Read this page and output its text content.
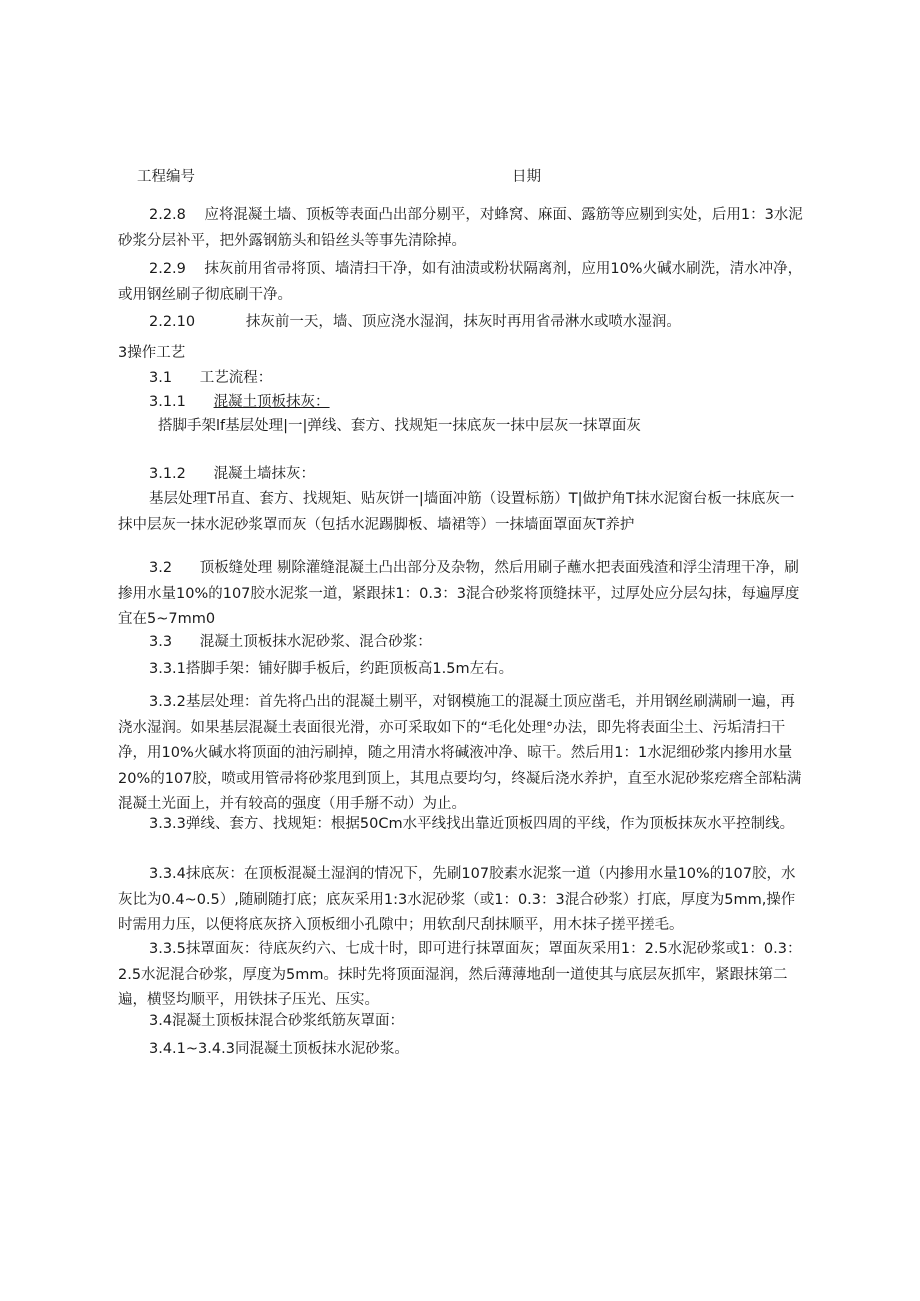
工程编号	日期

2.2.8 应将混凝土墙、顶板等表面凸出部分剔平，对蜂窝、麻面、露筋等应剔到实处，后用1：3水泥砂浆分层补平，把外露钢筋头和铅丝头等事先清除掉。

2.2.9 抹灰前用省帚将顶、墙清扫干净，如有油渍或粉状隔离剂，应用10%火碱水刷洗，清水冲净，或用钢丝刷子彻底刷干净。

2.2.10	抹灰前一天，墙、顶应浇水湿润，抹灰时再用省帚淋水或喷水湿润。

3操作工艺

3.1 工艺流程：

3.1.1 混凝土顶板抹灰：

搭脚手架lf基层处理|一|弹线、套方、找规矩一抹底灰一抹中层灰一抹罩面灰

3.1.2 混凝土墙抹灰：

基层处理T吊直、套方、找规矩、贴灰饼一|墙面冲筋（设置标筋）T|做护角T抹水泥窗台板一抹底灰一抹中层灰一抹水泥砂浆罩而灰（包括水泥踢脚板、墙裙等）一抹墙面罩面灰T养护

3.2 顶板缝处理 剔除灌缝混凝土凸出部分及杂物，然后用刷子蘸水把表面残渣和浮尘清理干净，刷掺用水量10%的107胶水泥浆一道，紧跟抹1：0.3：3混合砂浆将顶缝抹平，过厚处应分层勾抹，每遍厚度宜在5~7mm0

3.3 混凝土顶板抹水泥砂浆、混合砂浆：

3.3.1搭脚手架：铺好脚手板后，约距顶板高1.5m左右。

3.3.2基层处理：首先将凸出的混凝土剔平，对钢模施工的混凝土顶应凿毛，并用钢丝刷满刷一遍，再浇水湿润。如果基层混凝土表面很光滑，亦可采取如下的“毛化处理°办法，即先将表面尘土、污垢清扫干净，用10%火碱水将顶面的油污刷掉，随之用清水将碱液冲净、晾干。然后用1：1水泥细砂浆内掺用水量20%的107胶，喷或用管帚将砂浆甩到顶上，其甩点要均匀，终凝后浇水养护，直至水泥砂浆疙瘩全部粘满混凝土光面上，并有较高的强度（用手掰不动）为止。

3.3.3弹线、套方、找规矩：根据50Cm水平线找出靠近顶板四周的平线，作为顶板抹灰水平控制线。

3.3.4抹底灰：在顶板混凝土湿润的情况下，先刷107胶素水泥浆一道（内掺用水量10%的107胶，水灰比为0.4~0.5）,随刷随打底；底灰采用1:3水泥砂浆（或1：0.3：3混合砂浆）打底，厚度为5mm,操作时需用力压，以便将底灰挤入顶板细小孔隙中；用软刮尺刮抹顺平，用木抹子搓平搓毛。

3.3.5抹罩面灰：待底灰约六、七成十时，即可进行抹罩面灰；罩面灰采用1：2.5水泥砂浆或1：0.3：2.5水泥混合砂浆，厚度为5mm。抹时先将顶面湿润，然后薄薄地刮一道使其与底层灰抓牢，紧跟抹第二遍，横竖均顺平，用铁抹子压光、压实。

3.4混凝土顶板抹混合砂浆纸筋灰罩面：

3.4.1~3.4.3同混凝土顶板抹水泥砂浆。
